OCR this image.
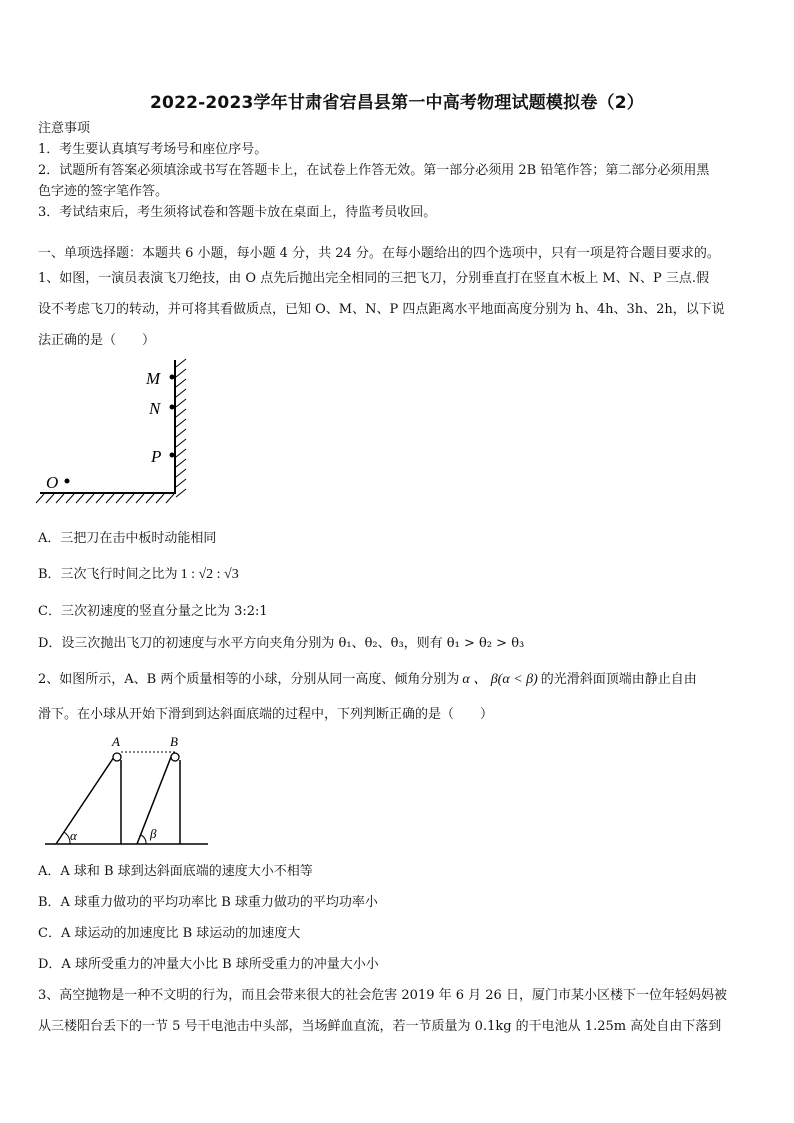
2022-2023学年甘肃省宕昌县第一中高考物理试题模拟卷（2）
注意事项
1．考生要认真填写考场号和座位序号。
2．试题所有答案必须填涂或书写在答题卡上，在试卷上作答无效。第一部分必须用 2B 铅笔作答；第二部分必须用黑
色字迹的签字笔作答。
3．考试结束后，考生须将试卷和答题卡放在桌面上，待监考员收回。
一、单项选择题：本题共 6 小题，每小题 4 分，共 24 分。在每小题给出的四个选项中，只有一项是符合题目要求的。
1、如图，一演员表演飞刀绝技，由 O 点先后抛出完全相同的三把飞刀，分别垂直打在竖直木板上 M、N、P 三点.假
设不考虑飞刀的转动，并可将其看做质点，已知 O、M、N、P 四点距离水平地面高度分别为 h、4h、3h、2h，以下说
法正确的是（　　）
M
N
P
O
A．三把刀在击中板时动能相同
B．三次飞行时间之比为 1 : √2 : √3
C．三次初速度的竖直分量之比为 3:2:1
D．设三次抛出飞刀的初速度与水平方向夹角分别为 θ₁、θ₂、θ₃，则有 θ₁ > θ₂ > θ₃
2、如图所示，A、B 两个质量相等的小球，分别从同一高度、倾角分别为 α 、 β(α < β) 的光滑斜面顶端由静止自由
滑下。在小球从开始下滑到到达斜面底端的过程中，下列判断正确的是（　　）
A	B
α	β
A．A 球和 B 球到达斜面底端的速度大小不相等
B．A 球重力做功的平均功率比 B 球重力做功的平均功率小
C．A 球运动的加速度比 B 球运动的加速度大
D．A 球所受重力的冲量大小比 B 球所受重力的冲量大小小
3、高空抛物是一种不文明的行为，而且会带来很大的社会危害 2019 年 6 月 26 日，厦门市某小区楼下一位年轻妈妈被
从三楼阳台丢下的一节 5 号干电池击中头部，当场鲜血直流，若一节质量为 0.1kg 的干电池从 1.25m 高处自由下落到
